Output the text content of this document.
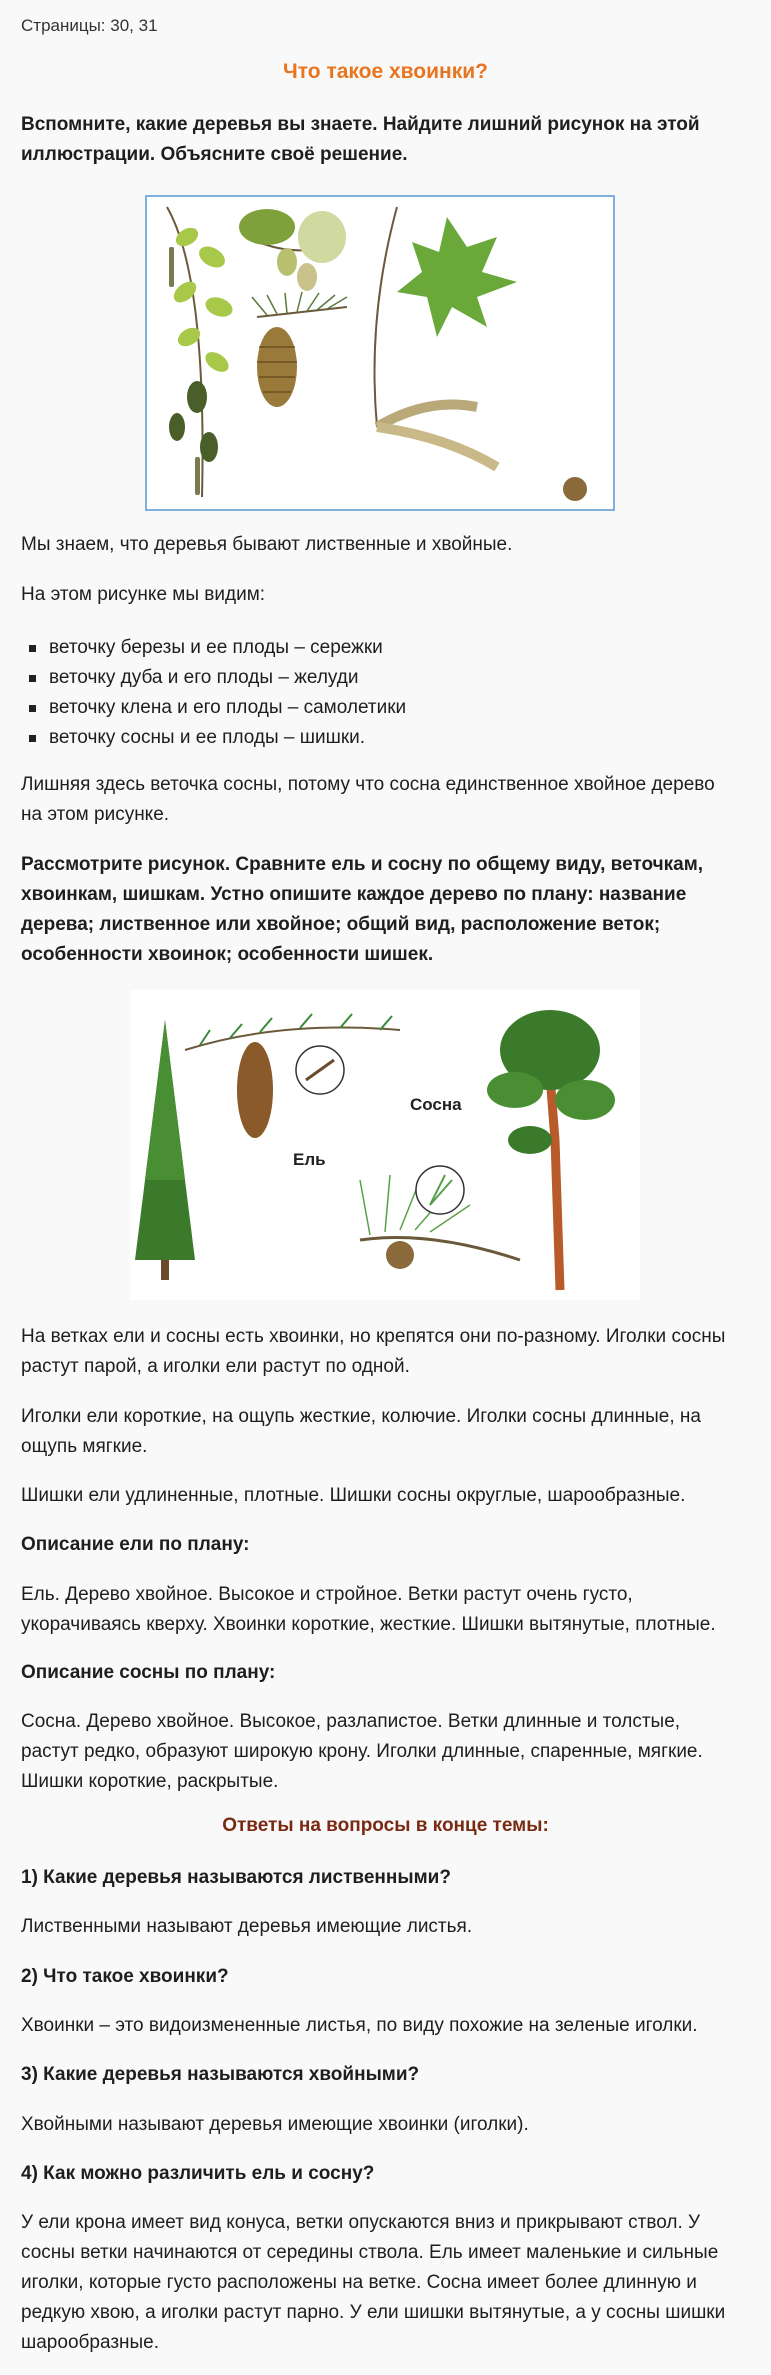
Страницы: 30, 31
Что такое хвоинки?
Вспомните, какие деревья вы знаете. Найдите лишний рисунок на этой иллюстрации. Объясните своё решение.
Мы знаем, что деревья бывают лиственные и хвойные.
На этом рисунке мы видим:
веточку березы и ее плоды – сережки
веточку дуба и его плоды – желуди
веточку клена и его плоды – самолетики
веточку сосны и ее плоды – шишки.
Лишняя здесь веточка сосны, потому что сосна единственное хвойное дерево на этом рисунке.
Рассмотрите рисунок. Сравните ель и сосну по общему виду, веточкам, хвоинкам, шишкам. Устно опишите каждое дерево по плану: название дерева; лиственное или хвойное; общий вид, расположение веток; особенности хвоинок; особенности шишек.
Ель
Сосна
На ветках ели и сосны есть хвоинки, но крепятся они по-разному. Иголки сосны растут парой, а иголки ели растут по одной.
Иголки ели короткие, на ощупь жесткие, колючие. Иголки сосны длинные, на ощупь мягкие.
Шишки ели удлиненные, плотные. Шишки сосны округлые, шарообразные.
Описание ели по плану:
Ель. Дерево хвойное. Высокое и стройное. Ветки растут очень густо, укорачиваясь кверху. Хвоинки короткие, жесткие. Шишки вытянутые, плотные.
Описание сосны по плану:
Сосна. Дерево хвойное. Высокое, разлапистое. Ветки длинные и толстые, растут редко, образуют широкую крону. Иголки длинные, спаренные, мягкие. Шишки короткие, раскрытые.
Ответы на вопросы в конце темы:
1) Какие деревья называются лиственными?
Лиственными называют деревья имеющие листья.
2) Что такое хвоинки?
Хвоинки – это видоизмененные листья, по виду похожие на зеленые иголки.
3) Какие деревья называются хвойными?
Хвойными называют деревья имеющие хвоинки (иголки).
4) Как можно различить ель и сосну?
У ели крона имеет вид конуса, ветки опускаются вниз и прикрывают ствол. У сосны ветки начинаются от середины ствола. Ель имеет маленькие и сильные иголки, которые густо расположены на ветке. Сосна имеет более длинную и редкую хвою, а иголки растут парно. У ели шишки вытянутые, а у сосны шишки шарообразные.
